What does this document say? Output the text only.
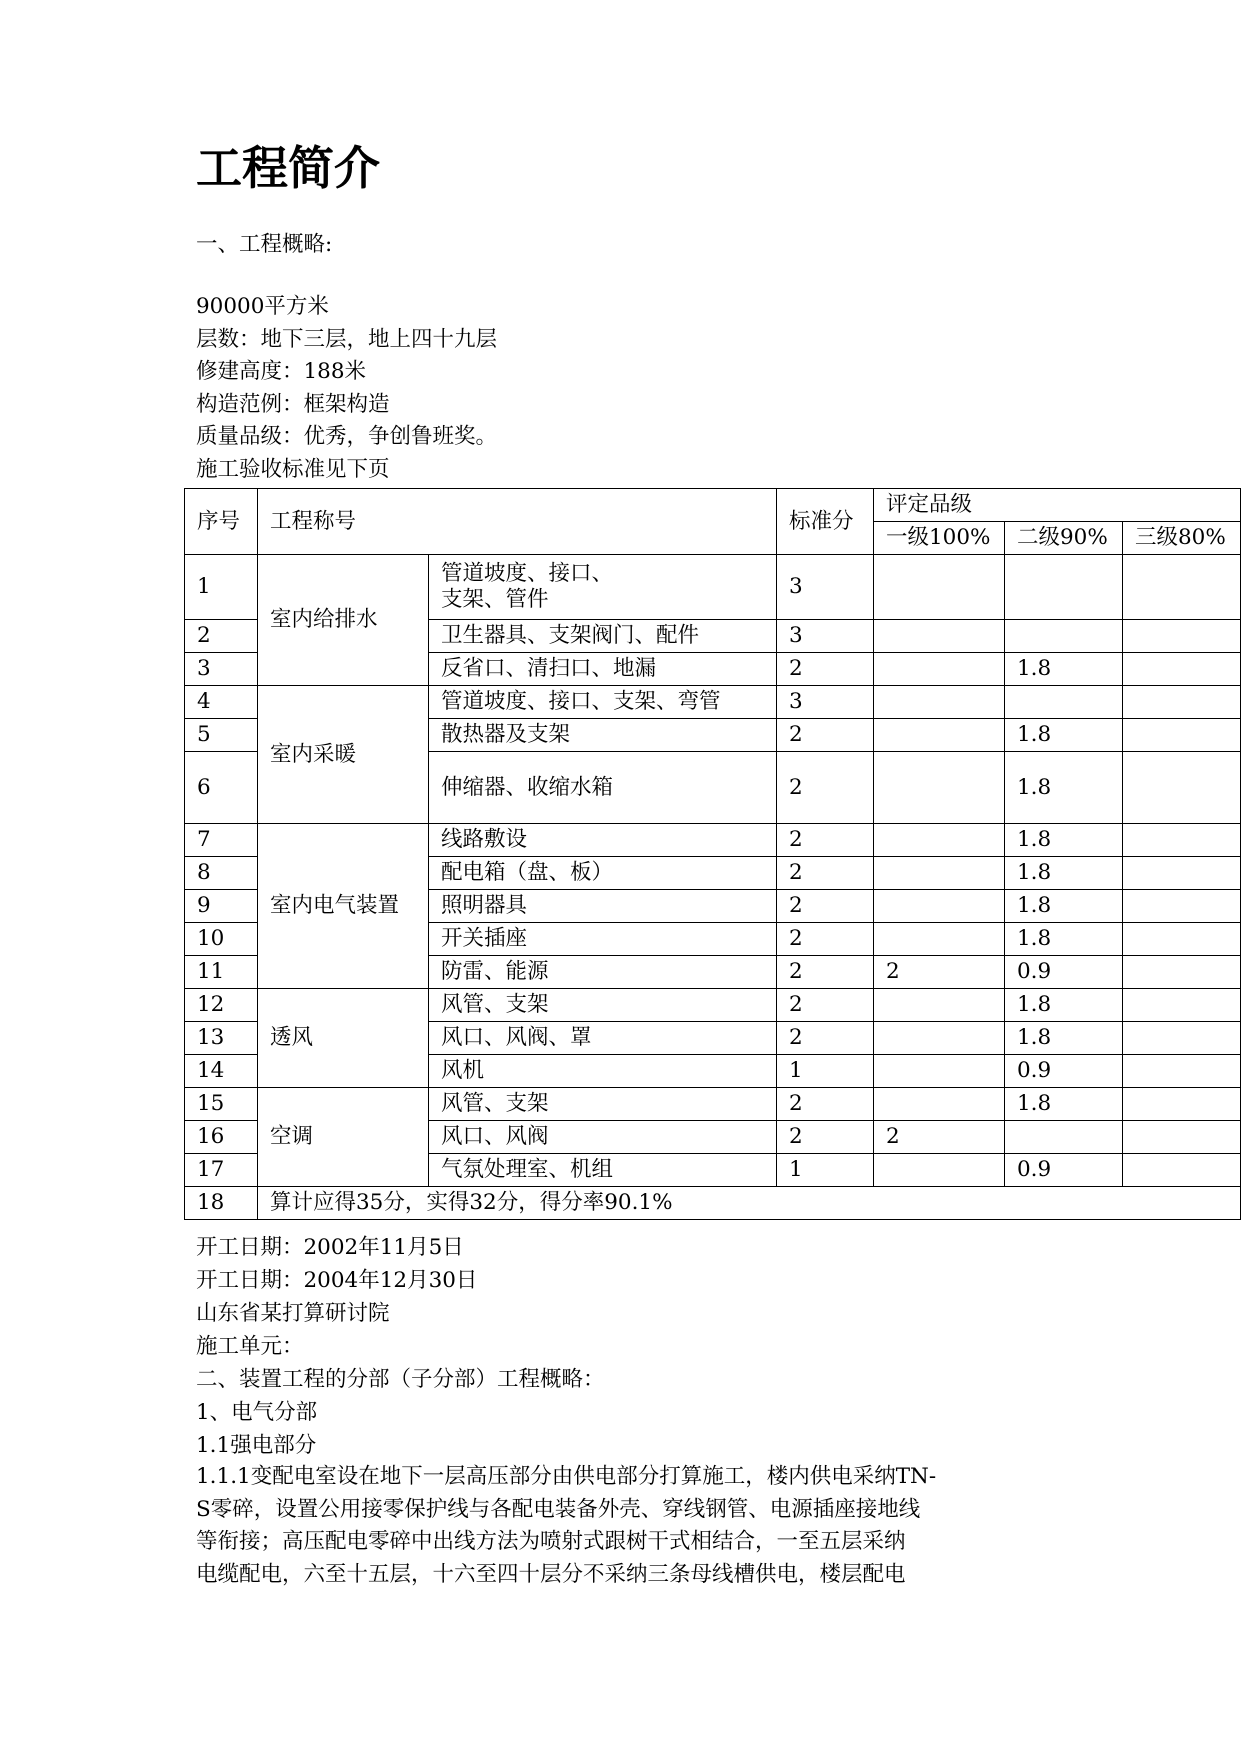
工程简介
一、工程概略:
90000平方米
层数：地下三层，地上四十九层
修建高度：188米
构造范例：框架构造
质量品级：优秀，争创鲁班奖。
施工验收标准见下页
序号	工程称号		标准分	评定品级		
				一级100%	二级90%	三级80%
1	室内给排水	管道坡度、接口、
支架、管件	3			
2		卫生器具、支架阀门、配件	3			
3		反省口、清扫口、地漏	2		1.8	
4	室内采暖	管道坡度、接口、支架、弯管	3			
5		散热器及支架	2		1.8	
6		伸缩器、收缩水箱	2		1.8	
7	室内电气装置	线路敷设	2		1.8	
8		配电箱（盘、板）	2		1.8	
9		照明器具	2		1.8	
10		开关插座	2		1.8	
11		防雷、能源	2	2	0.9	
12	透风	风管、支架	2		1.8	
13		风口、风阀、罩	2		1.8	
14		风机	1		0.9	
15	空调	风管、支架	2		1.8	
16		风口、风阀	2	2		
17		气氛处理室、机组	1		0.9	
18	算计应得35分，实得32分，得分率90.1%					
开工日期：2002年11月5日
开工日期：2004年12月30日
山东省某打算研讨院
施工单元：
二、装置工程的分部（子分部）工程概略：
1、电气分部
1.1强电部分
1.1.1变配电室设在地下一层高压部分由供电部分打算施工，楼内供电采纳TN-
S零碎，设置公用接零保护线与各配电装备外壳、穿线钢管、电源插座接地线
等衔接；高压配电零碎中出线方法为喷射式跟树干式相结合，一至五层采纳
电缆配电，六至十五层，十六至四十层分不采纳三条母线槽供电，楼层配电
